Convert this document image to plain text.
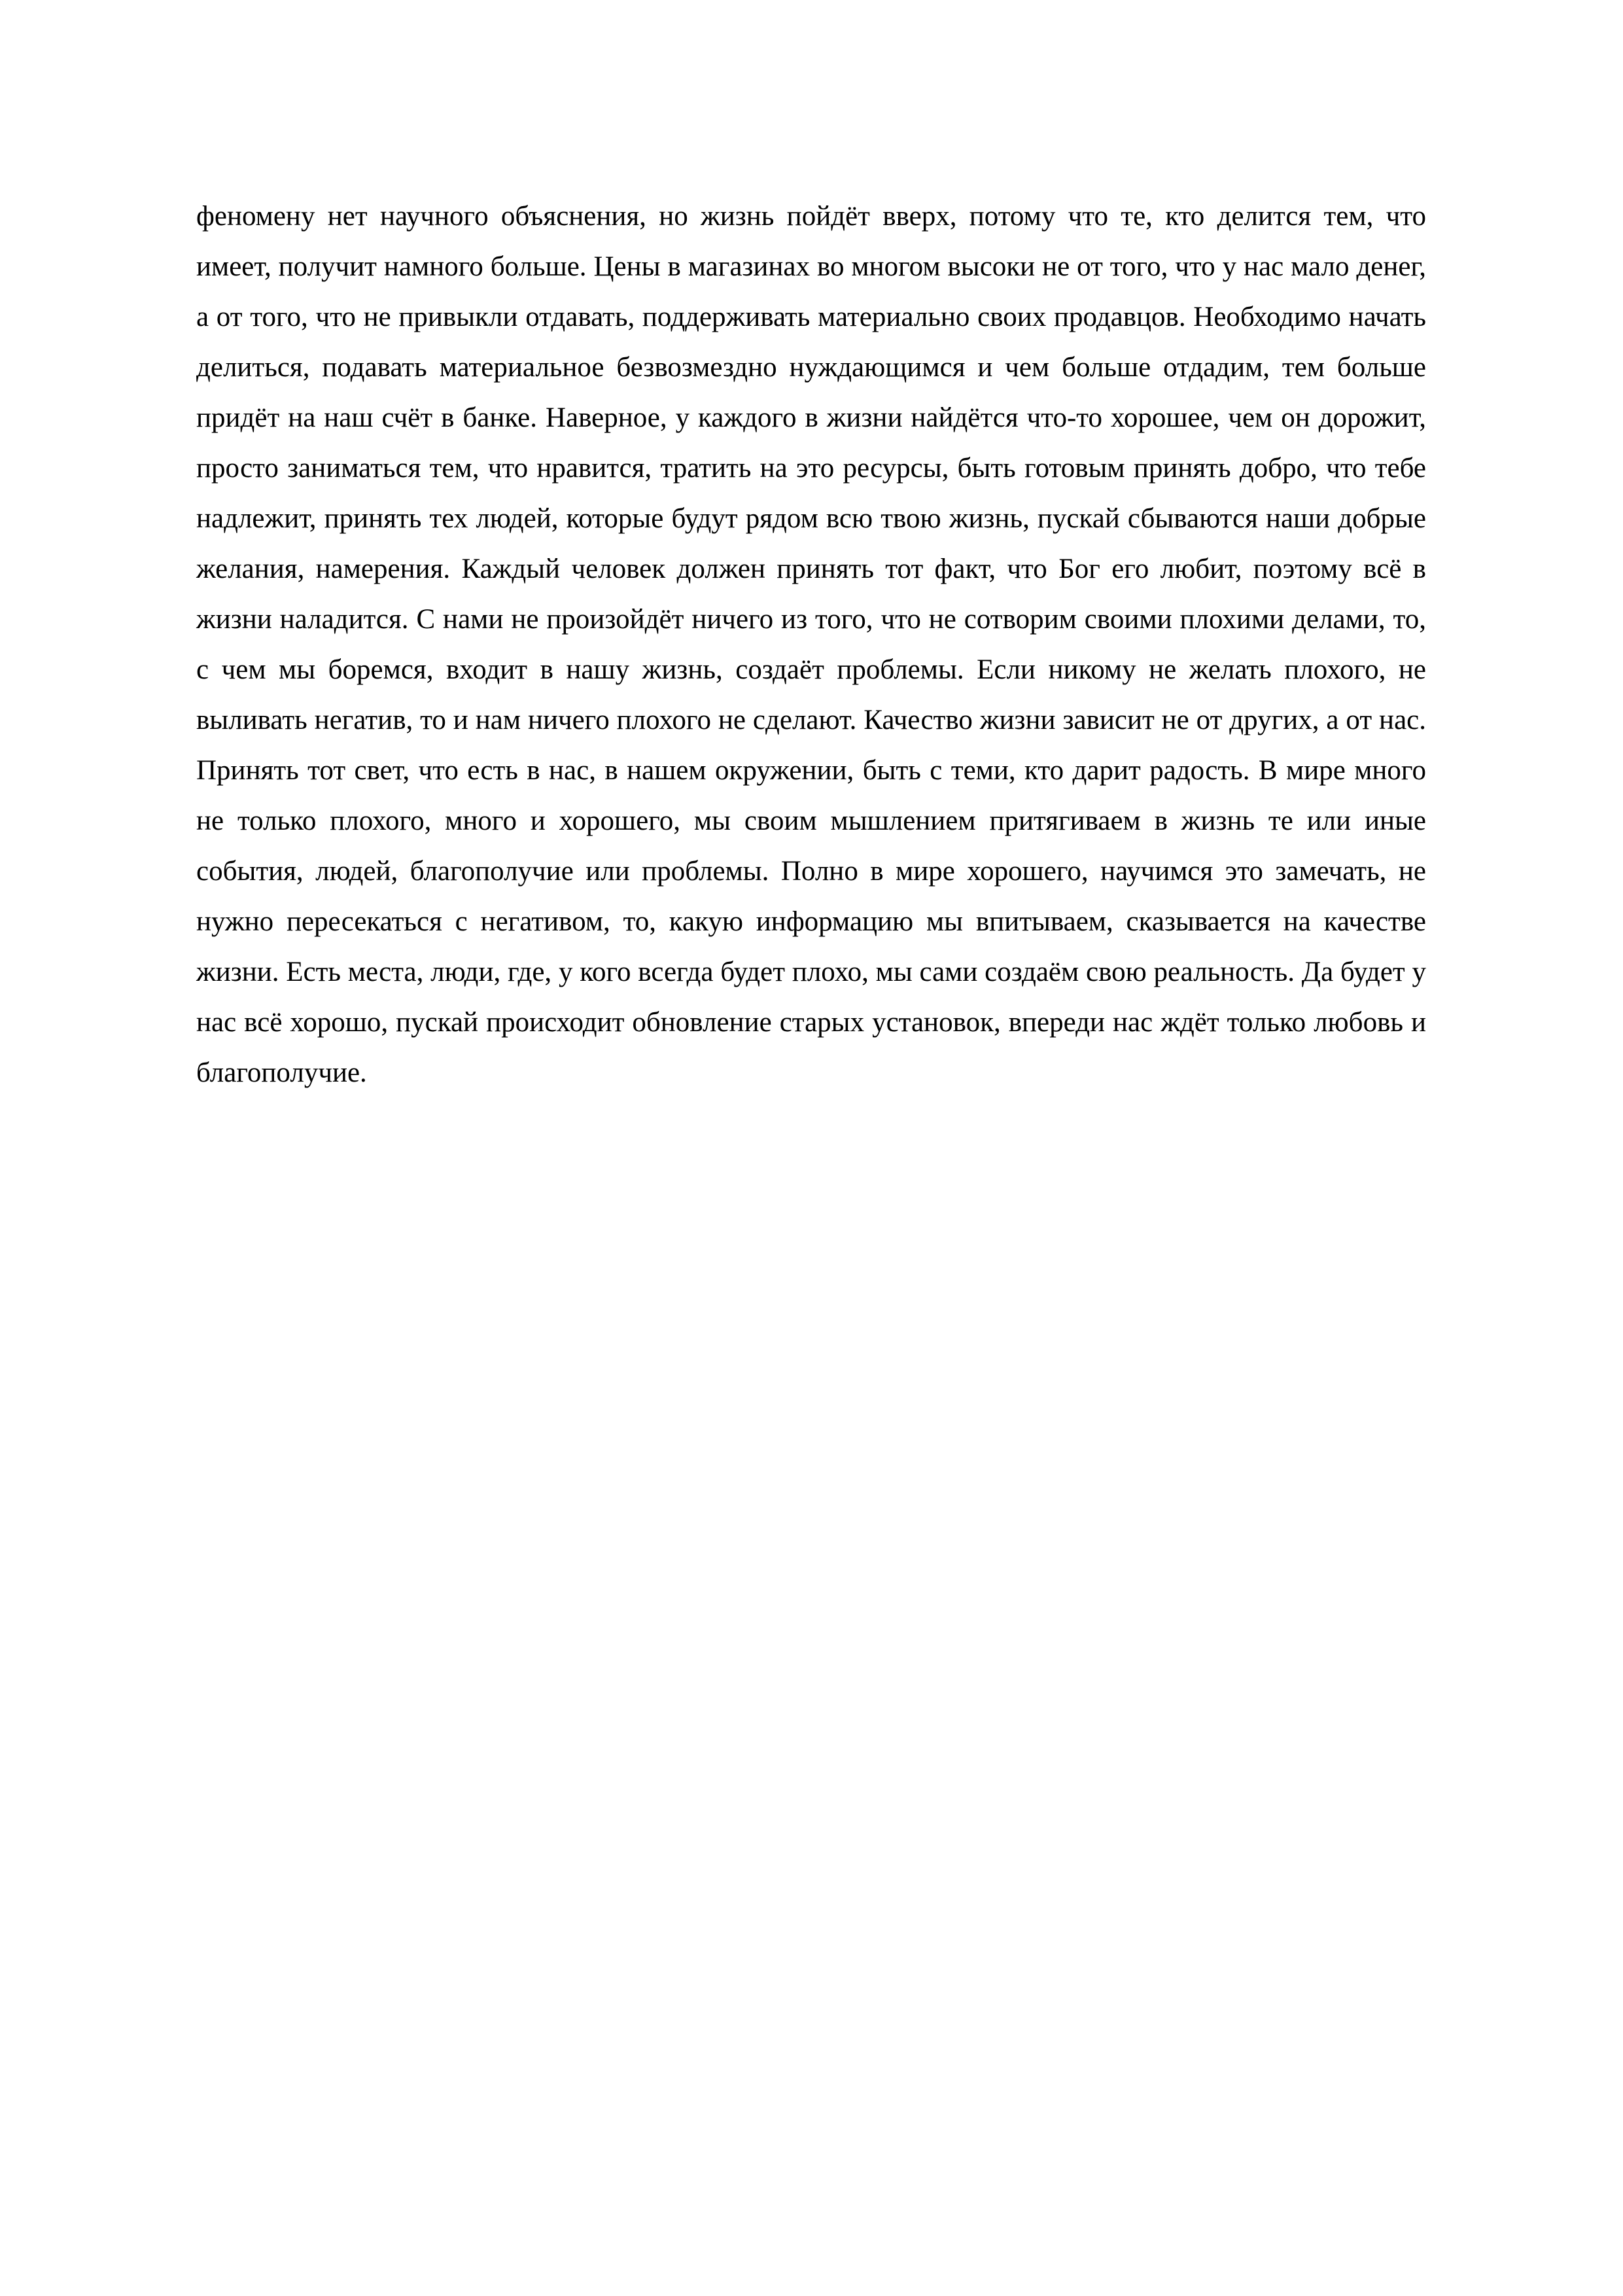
феномену нет научного объяснения, но жизнь пойдёт вверх, потому что те, кто делится тем, что имеет, получит намного больше. Цены в магазинах во многом высоки не от того, что у нас мало денег, а от того, что не привыкли отдавать, поддерживать материально своих продавцов. Необходимо начать делиться, подавать материальное безвозмездно нуждающимся и чем больше отдадим, тем больше придёт на наш счёт в банке. Наверное, у каждого в жизни найдётся что-то хорошее, чем он дорожит, просто заниматься тем, что нравится, тратить на это ресурсы, быть готовым принять добро, что тебе надлежит, принять тех людей, которые будут рядом всю твою жизнь, пускай сбываются наши добрые желания, намерения. Каждый человек должен принять тот факт, что Бог его любит, поэтому всё в жизни наладится. С нами не произойдёт ничего из того, что не сотворим своими плохими делами, то, с чем мы боремся, входит в нашу жизнь, создаёт проблемы. Если никому не желать плохого, не выливать негатив, то и нам ничего плохого не сделают. Качество жизни зависит не от других, а от нас. Принять тот свет, что есть в нас, в нашем окружении, быть с теми, кто дарит радость. В мире много не только плохого, много и хорошего, мы своим мышлением притягиваем в жизнь те или иные события, людей, благополучие или проблемы. Полно в мире хорошего, научимся это замечать, не нужно пересекаться с негативом, то, какую информацию мы впитываем, сказывается на качестве жизни. Есть места, люди, где, у кого всегда будет плохо, мы сами создаём свою реальность. Да будет у нас всё хорошо, пускай происходит обновление старых установок, впереди нас ждёт только любовь и благополучие.
